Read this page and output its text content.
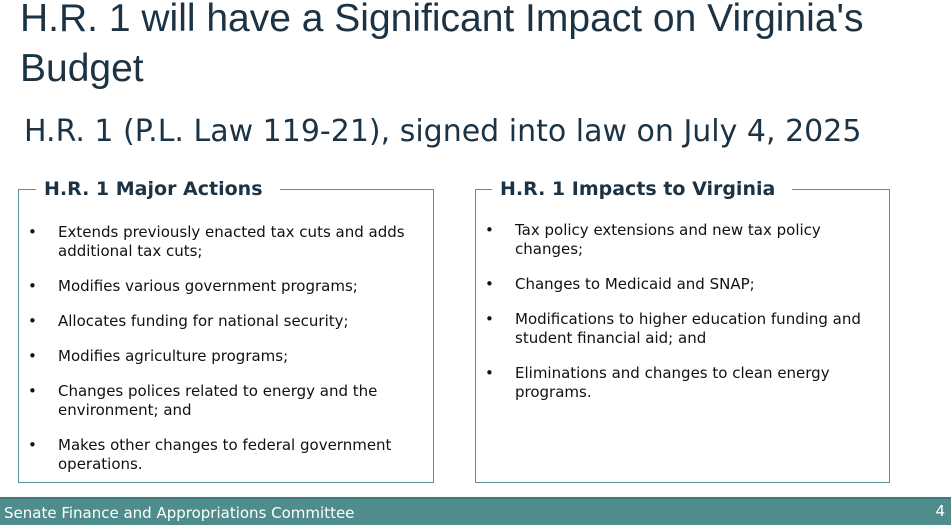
H.R. 1 will have a Significant Impact on Virginia's Budget
H.R. 1 (P.L. Law 119-21), signed into law on July 4, 2025
H.R. 1 Major Actions
• Extends previously enacted tax cuts and adds additional tax cuts;
• Modifies various government programs;
• Allocates funding for national security;
• Modifies agriculture programs;
• Changes polices related to energy and the environment; and
• Makes other changes to federal government operations.
H.R. 1 Impacts to Virginia
• Tax policy extensions and new tax policy changes;
• Changes to Medicaid and SNAP;
• Modifications to higher education funding and student financial aid; and
• Eliminations and changes to clean energy programs.
Senate Finance and Appropriations Committee	4
